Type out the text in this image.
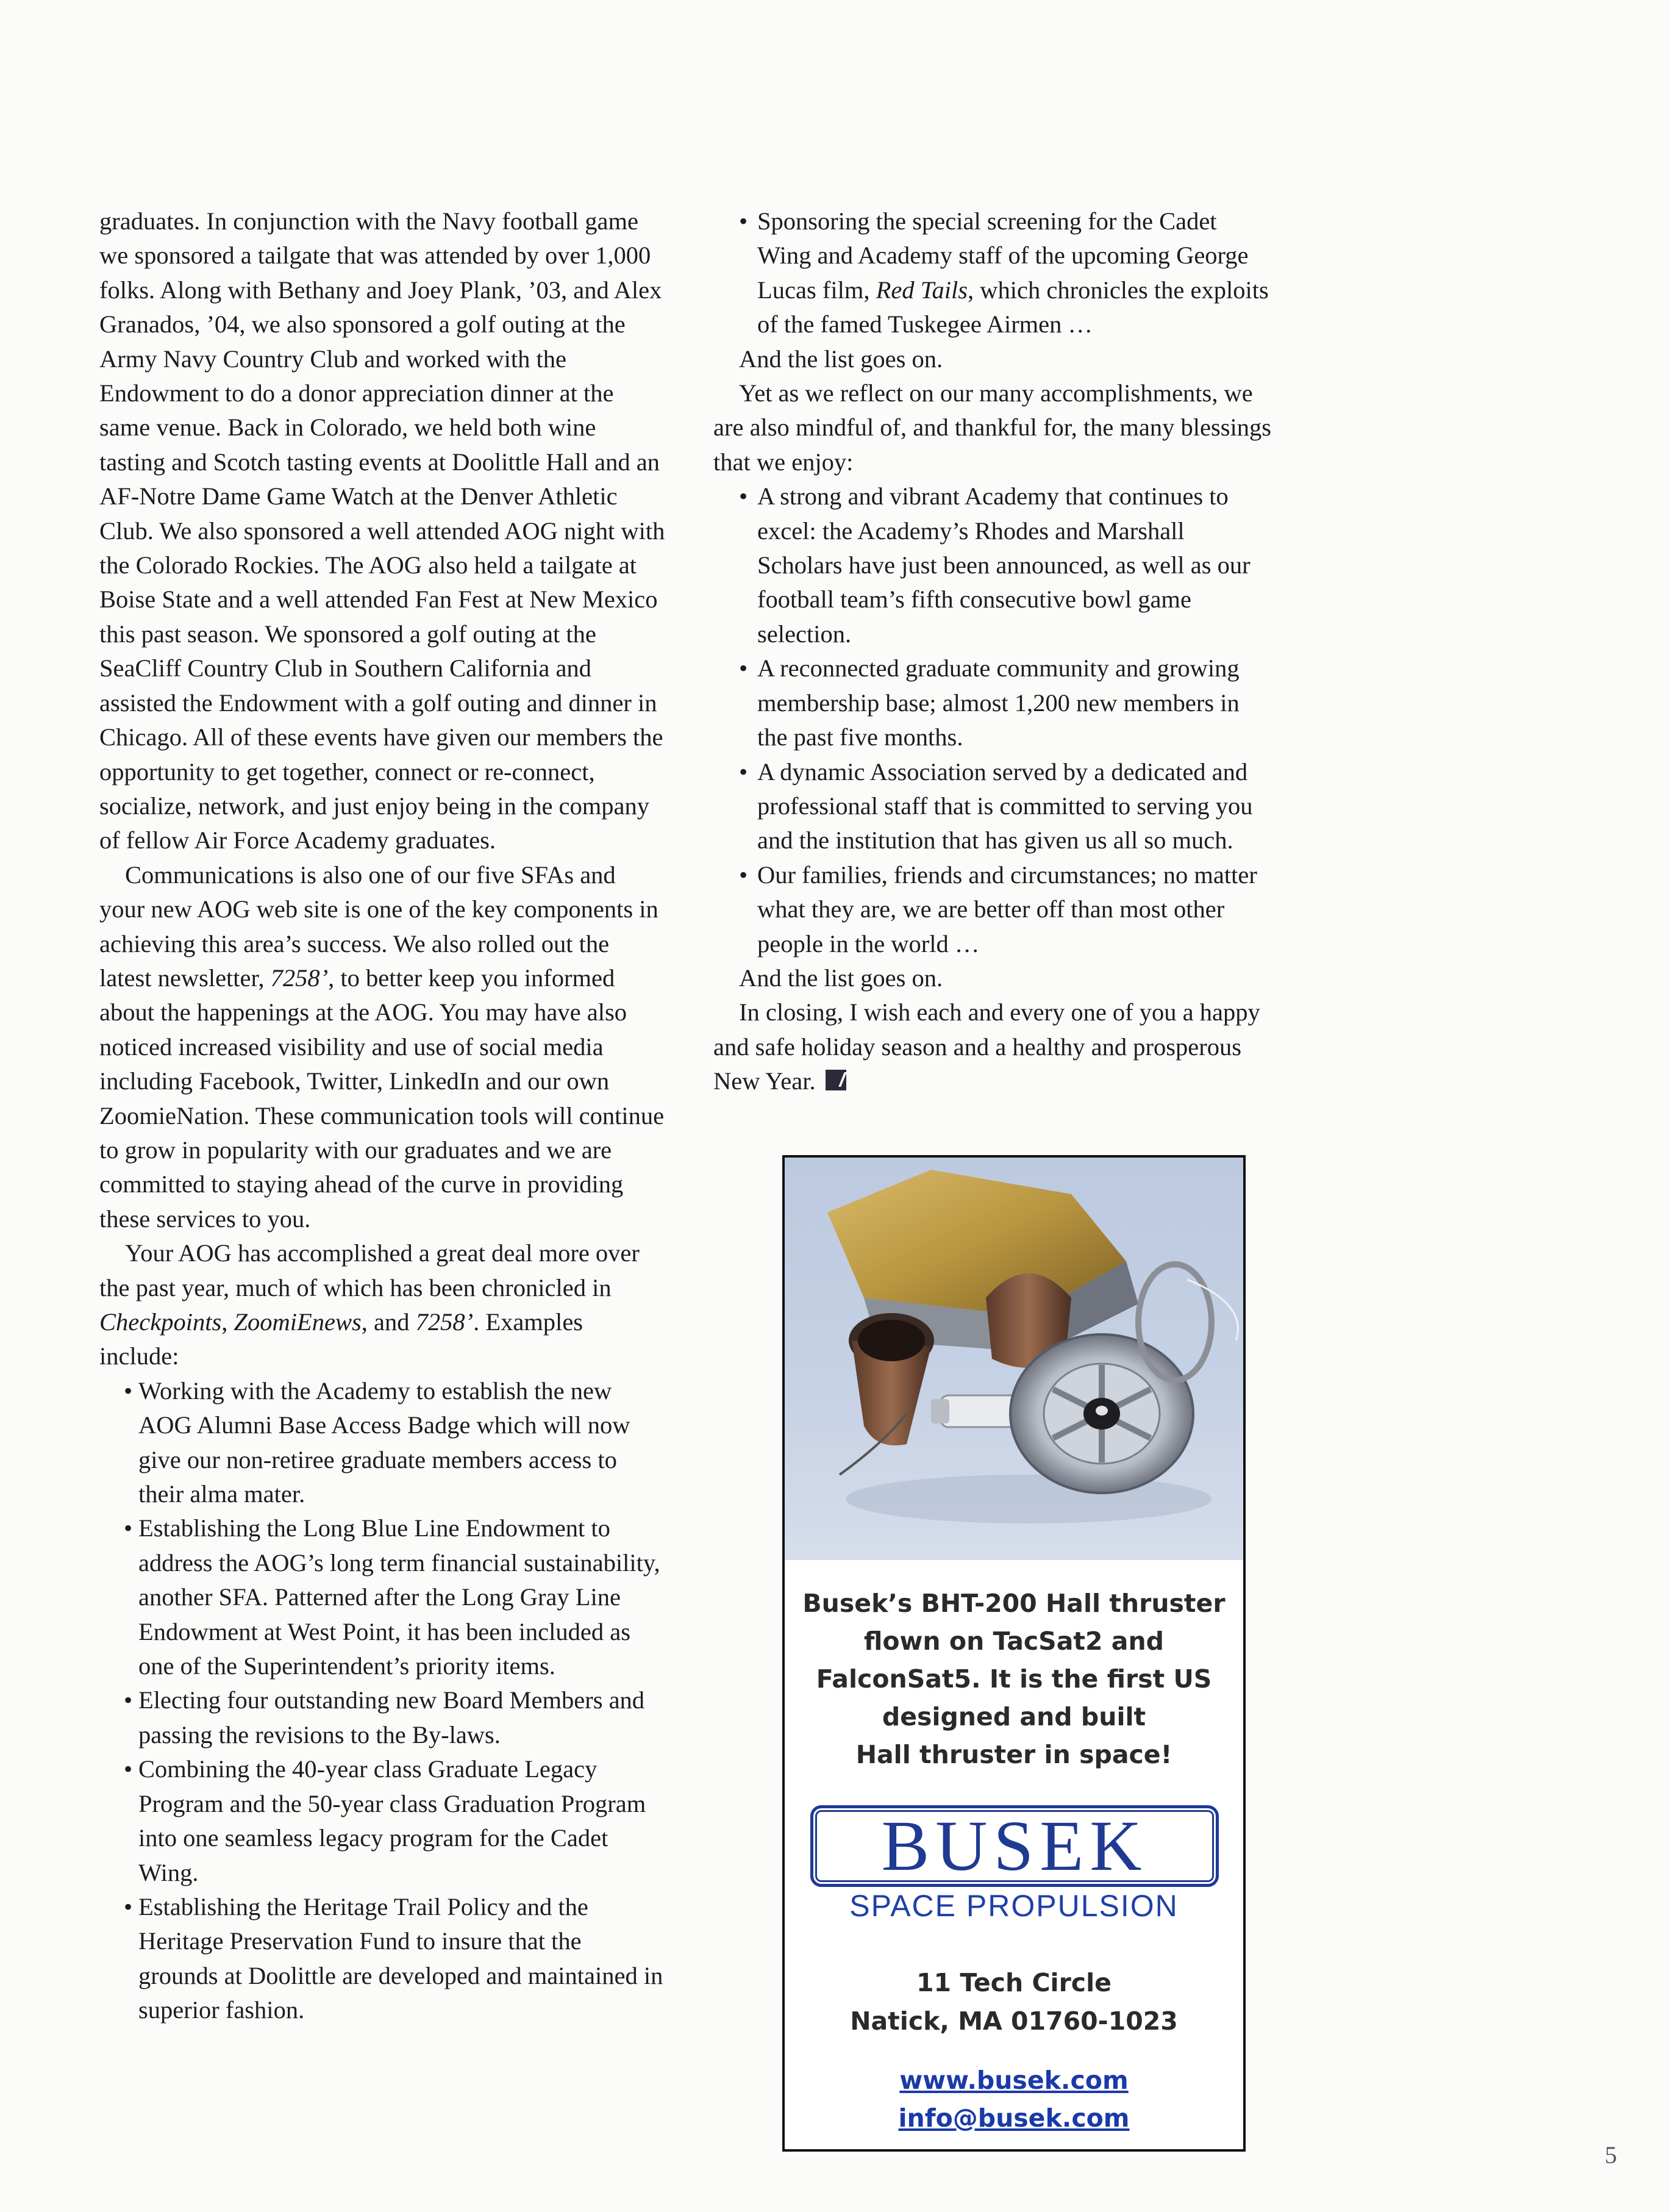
graduates. In conjunction with the Navy football game we sponsored a tailgate that was attended by over 1,000 folks. Along with Bethany and Joey Plank, ’03, and Alex Granados, ’04, we also sponsored a golf outing at the Army Navy Country Club and worked with the Endowment to do a donor appreciation dinner at the same venue. Back in Colorado, we held both wine tasting and Scotch tasting events at Doolittle Hall and an AF-Notre Dame Game Watch at the Denver Athletic Club. We also sponsored a well attended AOG night with the Colorado Rockies. The AOG also held a tailgate at Boise State and a well attended Fan Fest at New Mexico this past season. We sponsored a golf outing at the SeaCliff Country Club in Southern California and assisted the Endowment with a golf outing and dinner in Chicago. All of these events have given our members the opportunity to get together, connect or re-connect, socialize, network, and just enjoy being in the company of fellow Air Force Academy graduates.

Communications is also one of our five SFAs and your new AOG web site is one of the key components in achieving this area’s success. We also rolled out the latest newsletter, 7258’, to better keep you informed about the happenings at the AOG. You may have also noticed increased visibility and use of social media including Facebook, Twitter, LinkedIn and our own ZoomieNation. These communication tools will continue to grow in popularity with our graduates and we are committed to staying ahead of the curve in providing these services to you.

Your AOG has accomplished a great deal more over the past year, much of which has been chronicled in Checkpoints, ZoomiEnews, and 7258’. Examples include:

• Working with the Academy to establish the new AOG Alumni Base Access Badge which will now give our non-retiree graduate members access to their alma mater.
• Establishing the Long Blue Line Endowment to address the AOG’s long term financial sustainability, another SFA. Patterned after the Long Gray Line Endowment at West Point, it has been included as one of the Superintendent’s priority items.
• Electing four outstanding new Board Members and passing the revisions to the By-laws.
• Combining the 40-year class Graduate Legacy Program and the 50-year class Graduation Program into one seamless legacy program for the Cadet Wing.
• Establishing the Heritage Trail Policy and the Heritage Preservation Fund to insure that the grounds at Doolittle are developed and maintained in superior fashion.
• Sponsoring the special screening for the Cadet Wing and Academy staff of the upcoming George Lucas film, Red Tails, which chronicles the exploits of the famed Tuskegee Airmen …

And the list goes on.

Yet as we reflect on our many accomplishments, we are also mindful of, and thankful for, the many blessings that we enjoy:

• A strong and vibrant Academy that continues to excel: the Academy’s Rhodes and Marshall Scholars have just been announced, as well as our football team’s fifth consecutive bowl game selection.
• A reconnected graduate community and growing membership base; almost 1,200 new members in the past five months.
• A dynamic Association served by a dedicated and professional staff that is committed to serving you and the institution that has given us all so much.
• Our families, friends and circumstances; no matter what they are, we are better off than most other people in the world …

And the list goes on.

In closing, I wish each and every one of you a happy and safe holiday season and a healthy and prosperous New Year.

Busek’s BHT-200 Hall thruster
flown on TacSat2 and
FalconSat5. It is the first US
designed and built
Hall thruster in space!
BUSEK
SPACE PROPULSION
11 Tech Circle
Natick, MA 01760-1023
www.busek.com
info@busek.com
5
